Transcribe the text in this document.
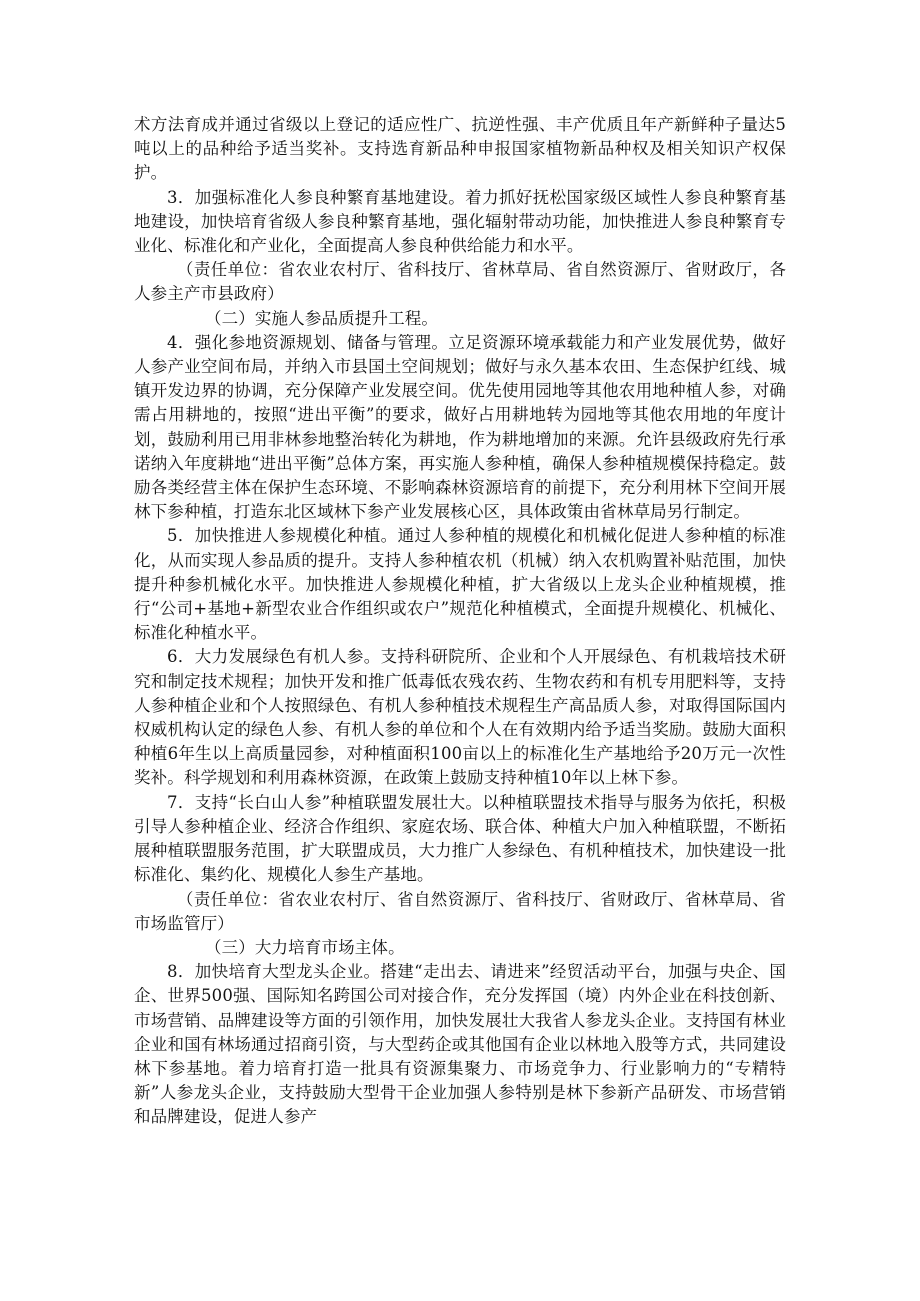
术方法育成并通过省级以上登记的适应性广、抗逆性强、丰产优质且年产新鲜种子量达5吨以上的品种给予适当奖补。支持选育新品种申报国家植物新品种权及相关知识产权保护。

3．加强标准化人参良种繁育基地建设。着力抓好抚松国家级区域性人参良种繁育基地建设，加快培育省级人参良种繁育基地，强化辐射带动功能，加快推进人参良种繁育专业化、标准化和产业化，全面提高人参良种供给能力和水平。

（责任单位：省农业农村厅、省科技厅、省林草局、省自然资源厅、省财政厅，各人参主产市县政府）

（二）实施人参品质提升工程。

4．强化参地资源规划、储备与管理。立足资源环境承载能力和产业发展优势，做好人参产业空间布局，并纳入市县国土空间规划；做好与永久基本农田、生态保护红线、城镇开发边界的协调，充分保障产业发展空间。优先使用园地等其他农用地种植人参，对确需占用耕地的，按照“进出平衡”的要求，做好占用耕地转为园地等其他农用地的年度计划，鼓励利用已用非林参地整治转化为耕地，作为耕地增加的来源。允许县级政府先行承诺纳入年度耕地“进出平衡”总体方案，再实施人参种植，确保人参种植规模保持稳定。鼓励各类经营主体在保护生态环境、不影响森林资源培育的前提下，充分利用林下空间开展林下参种植，打造东北区域林下参产业发展核心区，具体政策由省林草局另行制定。

5．加快推进人参规模化种植。通过人参种植的规模化和机械化促进人参种植的标准化，从而实现人参品质的提升。支持人参种植农机（机械）纳入农机购置补贴范围，加快提升种参机械化水平。加快推进人参规模化种植，扩大省级以上龙头企业种植规模，推行“公司+基地+新型农业合作组织或农户”规范化种植模式，全面提升规模化、机械化、标准化种植水平。

6．大力发展绿色有机人参。支持科研院所、企业和个人开展绿色、有机栽培技术研究和制定技术规程；加快开发和推广低毒低农残农药、生物农药和有机专用肥料等，支持人参种植企业和个人按照绿色、有机人参种植技术规程生产高品质人参，对取得国际国内权威机构认定的绿色人参、有机人参的单位和个人在有效期内给予适当奖励。鼓励大面积种植6年生以上高质量园参，对种植面积100亩以上的标准化生产基地给予20万元一次性奖补。科学规划和利用森林资源，在政策上鼓励支持种植10年以上林下参。

7．支持“长白山人参”种植联盟发展壮大。以种植联盟技术指导与服务为依托，积极引导人参种植企业、经济合作组织、家庭农场、联合体、种植大户加入种植联盟，不断拓展种植联盟服务范围，扩大联盟成员，大力推广人参绿色、有机种植技术，加快建设一批标准化、集约化、规模化人参生产基地。

（责任单位：省农业农村厅、省自然资源厅、省科技厅、省财政厅、省林草局、省市场监管厅）

（三）大力培育市场主体。

8．加快培育大型龙头企业。搭建“走出去、请进来”经贸活动平台，加强与央企、国企、世界500强、国际知名跨国公司对接合作，充分发挥国（境）内外企业在科技创新、市场营销、品牌建设等方面的引领作用，加快发展壮大我省人参龙头企业。支持国有林业企业和国有林场通过招商引资，与大型药企或其他国有企业以林地入股等方式，共同建设林下参基地。着力培育打造一批具有资源集聚力、市场竞争力、行业影响力的“专精特新”人参龙头企业，支持鼓励大型骨干企业加强人参特别是林下参新产品研发、市场营销和品牌建设，促进人参产
